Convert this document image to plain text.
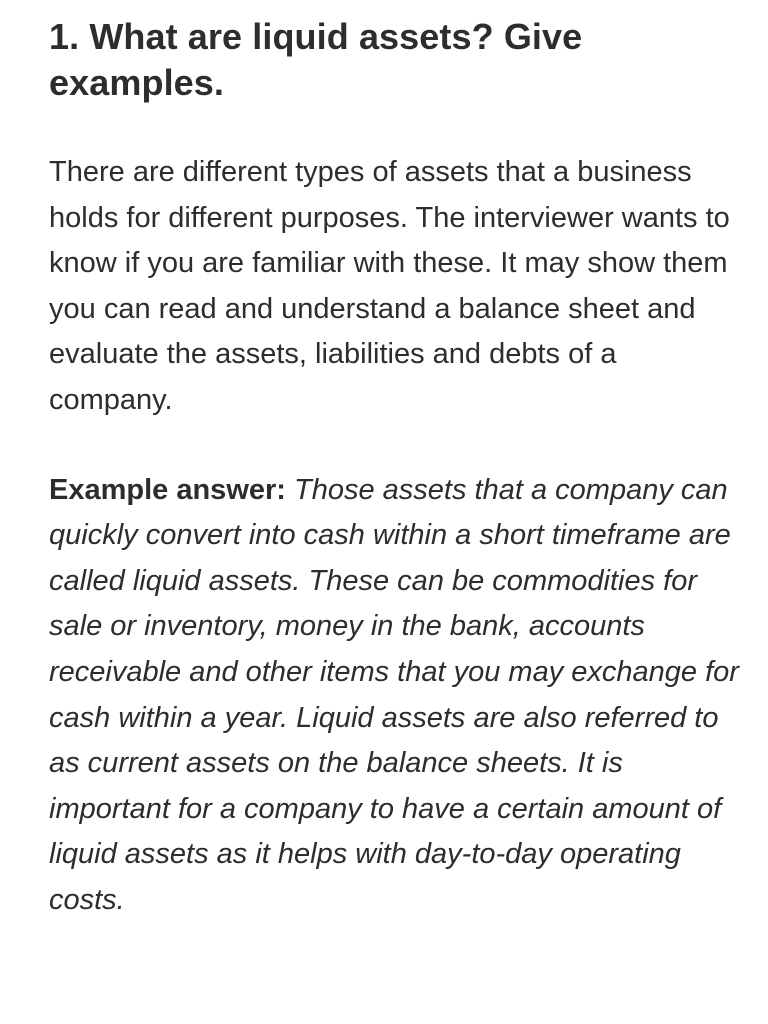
1. What are liquid assets? Give examples.

There are different types of assets that a business holds for different purposes. The interviewer wants to know if you are familiar with these. It may show them you can read and understand a balance sheet and evaluate the assets, liabilities and debts of a company.

Example answer: Those assets that a company can quickly convert into cash within a short timeframe are called liquid assets. These can be commodities for sale or inventory, money in the bank, accounts receivable and other items that you may exchange for cash within a year. Liquid assets are also referred to as current assets on the balance sheets. It is important for a company to have a certain amount of liquid assets as it helps with day-to-day operating costs.
